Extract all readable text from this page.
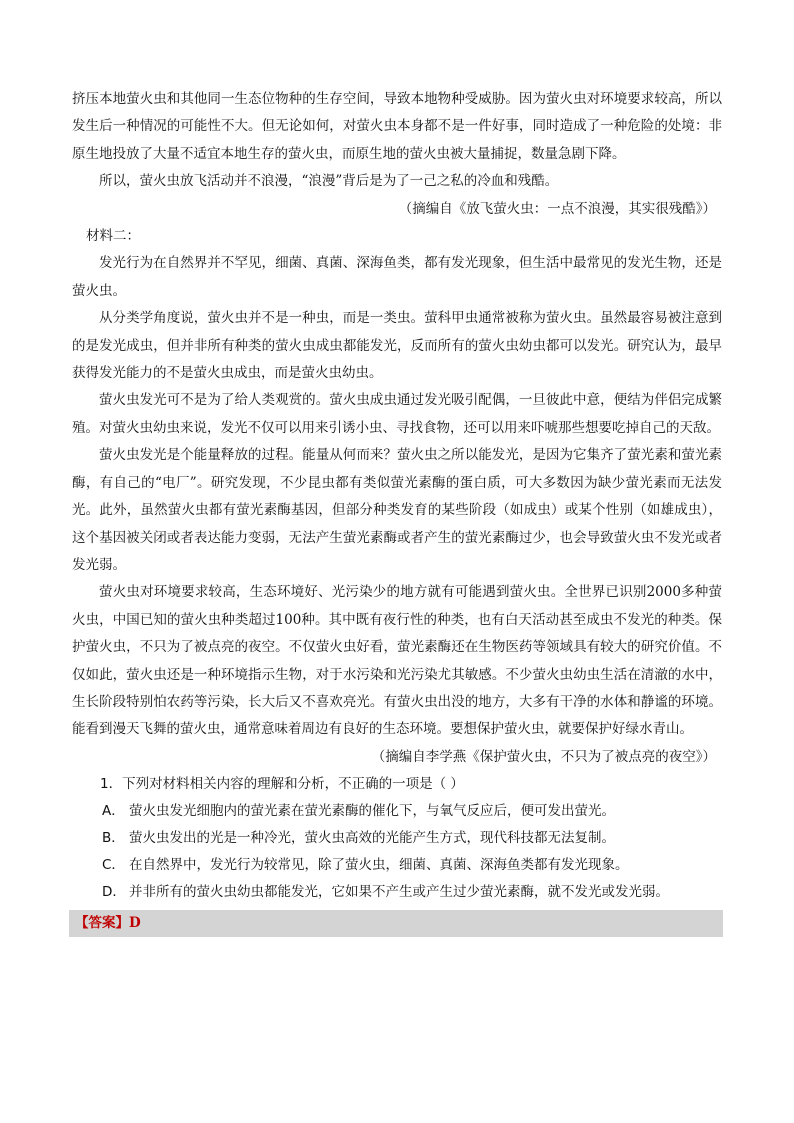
挤压本地萤火虫和其他同一生态位物种的生存空间，导致本地物种受威胁。因为萤火虫对环境要求较高，所以发生后一种情况的可能性不大。但无论如何，对萤火虫本身都不是一件好事，同时造成了一种危险的处境：非原生地投放了大量不适宜本地生存的萤火虫，而原生地的萤火虫被大量捕捉，数量急剧下降。

所以，萤火虫放飞活动并不浪漫，“浪漫”背后是为了一己之私的冷血和残酷。

（摘编自《放飞萤火虫：一点不浪漫，其实很残酷》）

材料二：

发光行为在自然界并不罕见，细菌、真菌、深海鱼类，都有发光现象，但生活中最常见的发光生物，还是萤火虫。

从分类学角度说，萤火虫并不是一种虫，而是一类虫。萤科甲虫通常被称为萤火虫。虽然最容易被注意到的是发光成虫，但并非所有种类的萤火虫成虫都能发光，反而所有的萤火虫幼虫都可以发光。研究认为，最早获得发光能力的不是萤火虫成虫，而是萤火虫幼虫。

萤火虫发光可不是为了给人类观赏的。萤火虫成虫通过发光吸引配偶，一旦彼此中意，便结为伴侣完成繁殖。对萤火虫幼虫来说，发光不仅可以用来引诱小虫、寻找食物，还可以用来吓唬那些想要吃掉自己的天敌。

萤火虫发光是个能量释放的过程。能量从何而来？萤火虫之所以能发光，是因为它集齐了萤光素和萤光素酶，有自己的“电厂”。研究发现，不少昆虫都有类似萤光素酶的蛋白质，可大多数因为缺少萤光素而无法发光。此外，虽然萤火虫都有萤光素酶基因，但部分种类发育的某些阶段（如成虫）或某个性别（如雄成虫），这个基因被关闭或者表达能力变弱，无法产生萤光素酶或者产生的萤光素酶过少，也会导致萤火虫不发光或者发光弱。

萤火虫对环境要求较高，生态环境好、光污染少的地方就有可能遇到萤火虫。全世界已识别2000多种萤火虫，中国已知的萤火虫种类超过100种。其中既有夜行性的种类，也有白天活动甚至成虫不发光的种类。保护萤火虫，不只为了被点亮的夜空。不仅萤火虫好看，萤光素酶还在生物医药等领域具有较大的研究价值。不仅如此，萤火虫还是一种环境指示生物，对于水污染和光污染尤其敏感。不少萤火虫幼虫生活在清澈的水中，生长阶段特别怕农药等污染，长大后又不喜欢亮光。有萤火虫出没的地方，大多有干净的水体和静谧的环境。能看到漫天飞舞的萤火虫，通常意味着周边有良好的生态环境。要想保护萤火虫，就要保护好绿水青山。

（摘编自李学燕《保护萤火虫，不只为了被点亮的夜空》）

1．下列对材料相关内容的理解和分析，不正确的一项是（ ）

A． 萤火虫发光细胞内的萤光素在萤光素酶的催化下，与氧气反应后，便可发出萤光。
B． 萤火虫发出的光是一种冷光，萤火虫高效的光能产生方式，现代科技都无法复制。
C． 在自然界中，发光行为较常见，除了萤火虫，细菌、真菌、深海鱼类都有发光现象。
D． 并非所有的萤火虫幼虫都能发光，它如果不产生或产生过少萤光素酶，就不发光或发光弱。
【答案】D
